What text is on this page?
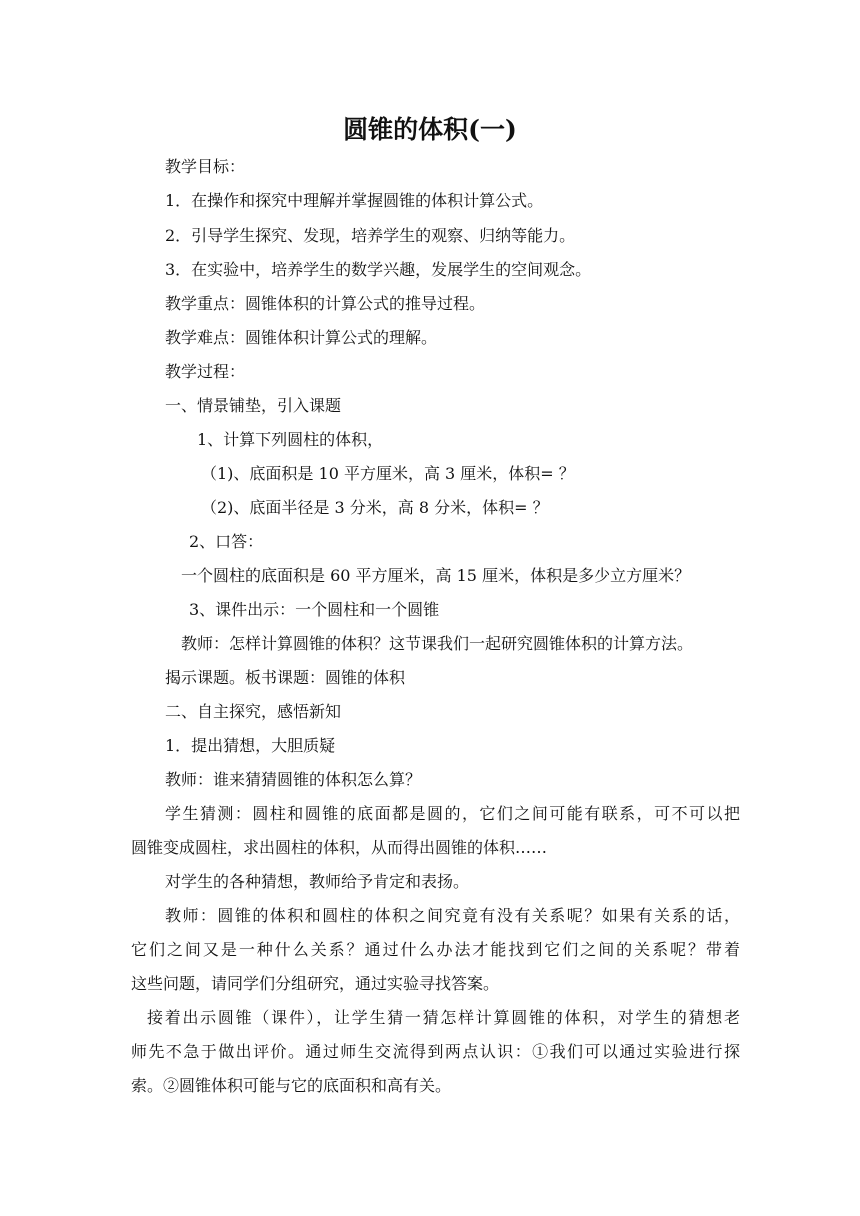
圆锥的体积(一)
教学目标：
1．在操作和探究中理解并掌握圆锥的体积计算公式。
2．引导学生探究、发现，培养学生的观察、归纳等能力。
3．在实验中，培养学生的数学兴趣，发展学生的空间观念。
教学重点：圆锥体积的计算公式的推导过程。
教学难点：圆锥体积计算公式的理解。
教学过程：
一、情景铺垫，引入课题
1、计算下列圆柱的体积，
（1)、底面积是 10 平方厘米，高 3 厘米，体积= ？
（2)、底面半径是 3 分米，高 8 分米，体积= ？
2、口答：
一个圆柱的底面积是 60 平方厘米，高 15 厘米，体积是多少立方厘米？
3、课件出示：一个圆柱和一个圆锥
教师：怎样计算圆锥的体积？这节课我们一起研究圆锥体积的计算方法。
揭示课题。板书课题：圆锥的体积
二、自主探究，感悟新知
1．提出猜想，大胆质疑
教师：谁来猜猜圆锥的体积怎么算？
学生猜测：圆柱和圆锥的底面都是圆的，它们之间可能有联系，可不可以把
圆锥变成圆柱，求出圆柱的体积，从而得出圆锥的体积……
对学生的各种猜想，教师给予肯定和表扬。
教师：圆锥的体积和圆柱的体积之间究竟有没有关系呢？如果有关系的话，
它们之间又是一种什么关系？通过什么办法才能找到它们之间的关系呢？带着
这些问题，请同学们分组研究，通过实验寻找答案。
接着出示圆锥（课件），让学生猜一猜怎样计算圆锥的体积，对学生的猜想老
师先不急于做出评价。通过师生交流得到两点认识：①我们可以通过实验进行探
索。②圆锥体积可能与它的底面积和高有关。
